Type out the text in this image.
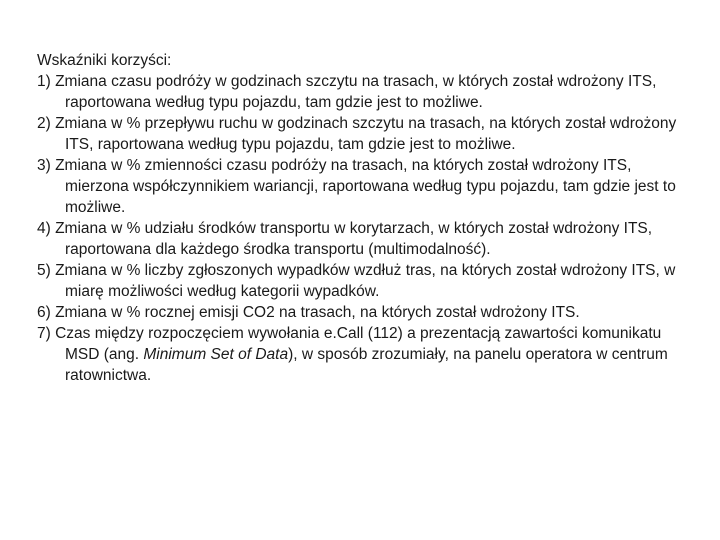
Wskaźniki korzyści:

1) Zmiana czasu podróży w godzinach szczytu na trasach, w których został wdrożony ITS, raportowana według typu pojazdu, tam gdzie jest to możliwe.
2) Zmiana w % przepływu ruchu w godzinach szczytu na trasach, na których został wdrożony ITS, raportowana według typu pojazdu, tam gdzie jest to możliwe.
3) Zmiana w % zmienności czasu podróży na trasach, na których został wdrożony ITS, mierzona współczynnikiem wariancji, raportowana według typu pojazdu, tam gdzie jest to możliwe.
4) Zmiana w % udziału środków transportu w korytarzach, w których został wdrożony ITS, raportowana dla każdego środka transportu (multimodalność).
5) Zmiana w % liczby zgłoszonych wypadków wzdłuż tras, na których został wdrożony ITS, w miarę możliwości według kategorii wypadków.
6) Zmiana w % rocznej emisji CO2 na trasach, na których został wdrożony ITS.
7) Czas między rozpoczęciem wywołania e.Call (112) a prezentacją zawartości komunikatu MSD (ang. Minimum Set of Data), w sposób zrozumiały, na panelu operatora w centrum ratownictwa.
